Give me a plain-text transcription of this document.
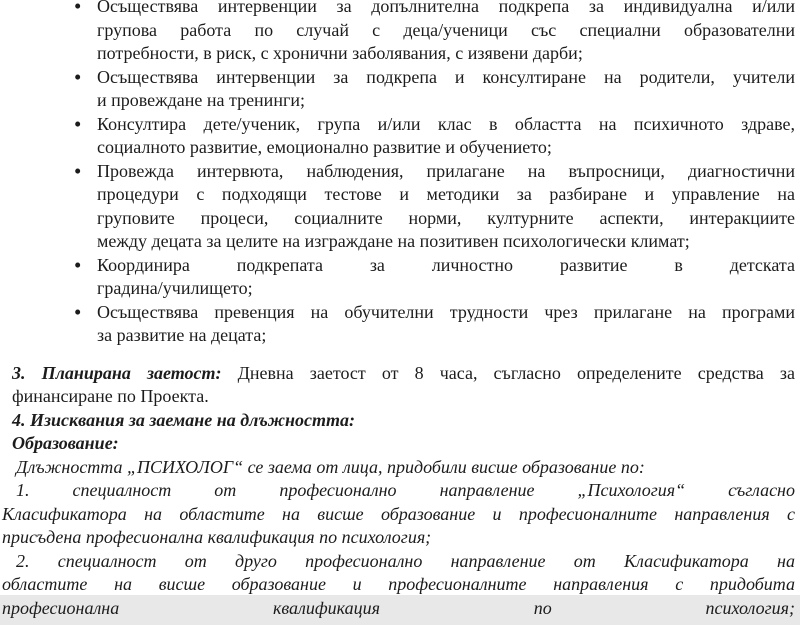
• Осъществява интервенции за допълнителна подкрепа за индивидуална и/или
групова работа по случай с деца/ученици със специални образователни
потребности, в риск, с хронични заболявания, с изявени дарби;
• Осъществява интервенции за подкрепа и консултиране на родители, учители
и провеждане на тренинги;
• Консултира дете/ученик, група и/или клас в областта на психичното здраве,
социалното развитие, емоционално развитие и обучението;
• Провежда интервюта, наблюдения, прилагане на въпросници, диагностични
процедури с подходящи тестове и методики за разбиране и управление на
груповите процеси, социалните норми, културните аспекти, интеракциите
между децата за целите на изграждане на позитивен психологически климат;
• Координира подкрепата за личностно развитие в детската
градина/училището;
• Осъществява превенция на обучителни трудности чрез прилагане на програми
за развитие на децата;
3. Планирана заетост: Дневна заетост от 8 часа, съгласно определените средства за
финансиране по Проекта.
4. Изисквания за заемане на длъжността:
Образование:
Длъжността „ПСИХОЛОГ“ се заема от лица, придобили висше образование по:
1. специалност от професионално направление „Психология“ съгласно
Класификатора на областите на висше образование и професионалните направления с
присъдена професионална квалификация по психология;
2. специалност от друго професионално направление от Класификатора на
областите на висше образование и професионалните направления с придобита
професионална квалификация по психология;
